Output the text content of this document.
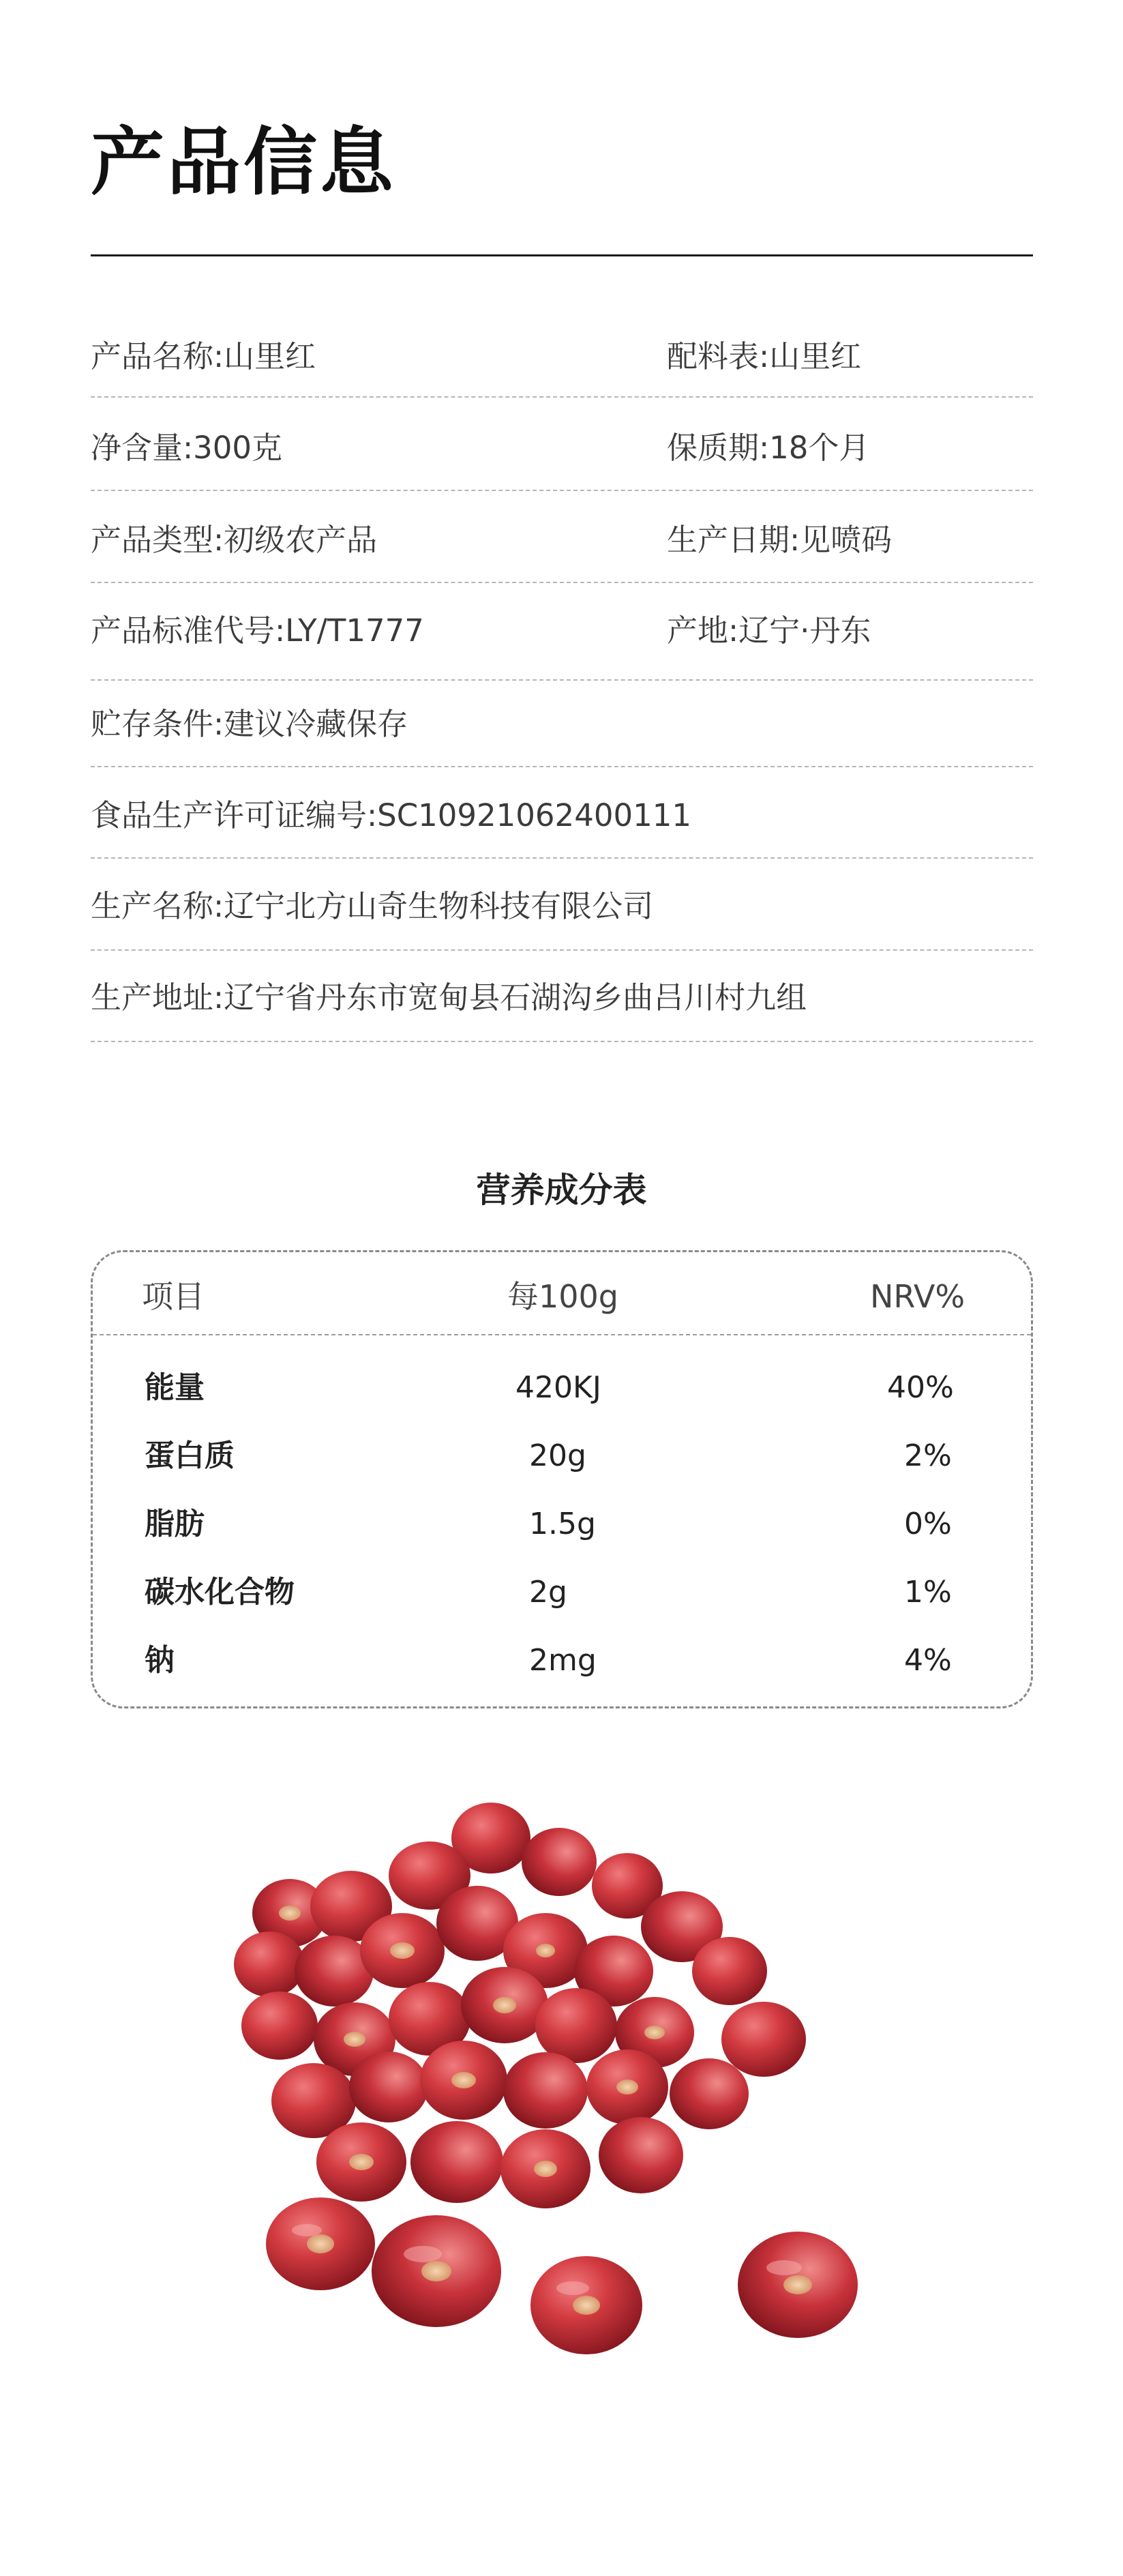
产品信息
产品名称:山里红	配料表:山里红
净含量:300克	保质期:18个月
产品类型:初级农产品	生产日期:见喷码
产品标准代号:LY/T1777	产地:辽宁·丹东
贮存条件:建议冷藏保存
食品生产许可证编号:SC10921062400111
生产名称:辽宁北方山奇生物科技有限公司
生产地址:辽宁省丹东市宽甸县石湖沟乡曲吕川村九组
营养成分表
项目	每100g	NRV%
能量	420KJ	40%
蛋白质	20g	2%
脂肪	1.5g	0%
碳水化合物	2g	1%
钠	2mg	4%
